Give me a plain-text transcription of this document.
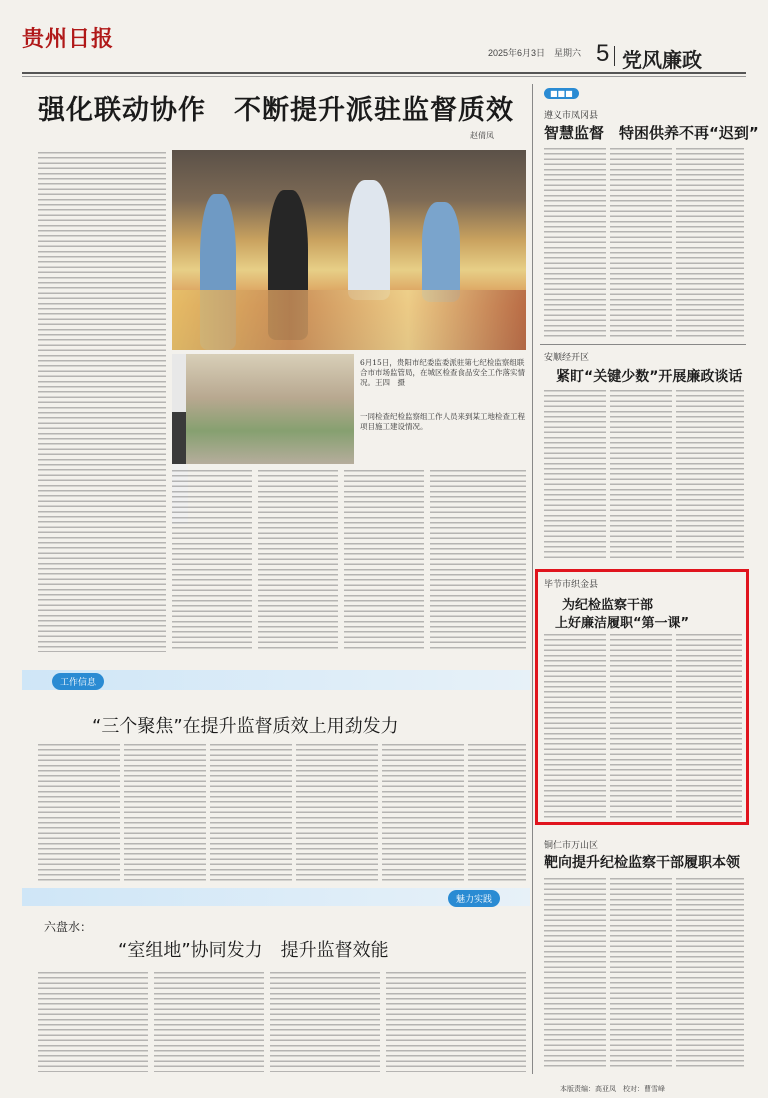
贵州日报
2025年6月3日　星期六 5 党风廉政
强化联动协作　不断提升派驻监督质效
赵倩凤
6月15日，贵阳市纪委监委派驻第七纪检监察组联合市市场监管局，在城区检查食品安全工作落实情况。王四　摄
一同检查纪检监察组工作人员来到某工地检查工程项目施工建设情况。
工作信息
“三个聚焦”在提升监督质效上用劲发力
魅力实践
六盘水：
“室组地”协同发力　提升监督效能
■■■
遵义市凤冈县
智慧监督　特困供养不再“迟到”
安顺经开区
紧盯“关键少数”开展廉政谈话
毕节市织金县
为纪检监察干部
上好廉洁履职“第一课”
铜仁市万山区
靶向提升纪检监察干部履职本领
本版责编：高亚凤　校对：曹雪峰
